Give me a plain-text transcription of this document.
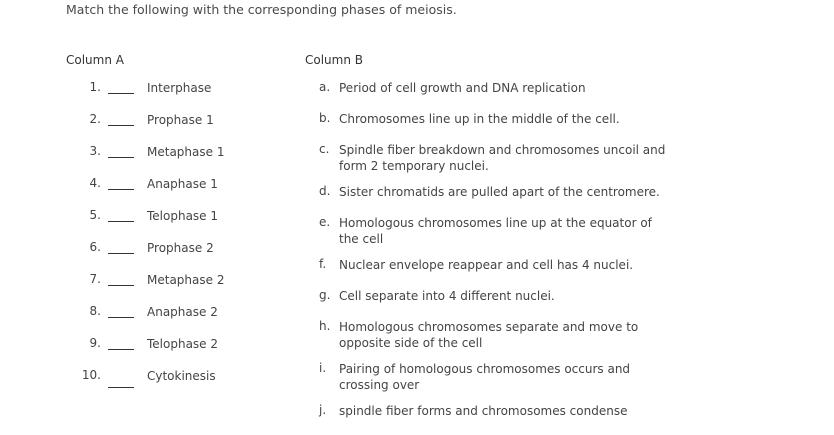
Match the following with the corresponding phases of meiosis.
Column A	Column B
1.	Interphase
2.	Prophase 1
3.	Metaphase 1
4.	Anaphase 1
5.	Telophase 1
6.	Prophase 2
7.	Metaphase 2
8.	Anaphase 2
9.	Telophase 2
10.	Cytokinesis
a. Period of cell growth and DNA replication
b. Chromosomes line up in the middle of the cell.
c. Spindle fiber breakdown and chromosomes uncoil and form 2 temporary nuclei.
d. Sister chromatids are pulled apart of the centromere.
e. Homologous chromosomes line up at the equator of the cell
f. Nuclear envelope reappear and cell has 4 nuclei.
g. Cell separate into 4 different nuclei.
h. Homologous chromosomes separate and move to opposite side of the cell
i. Pairing of homologous chromosomes occurs and crossing over
j. spindle fiber forms and chromosomes condense
